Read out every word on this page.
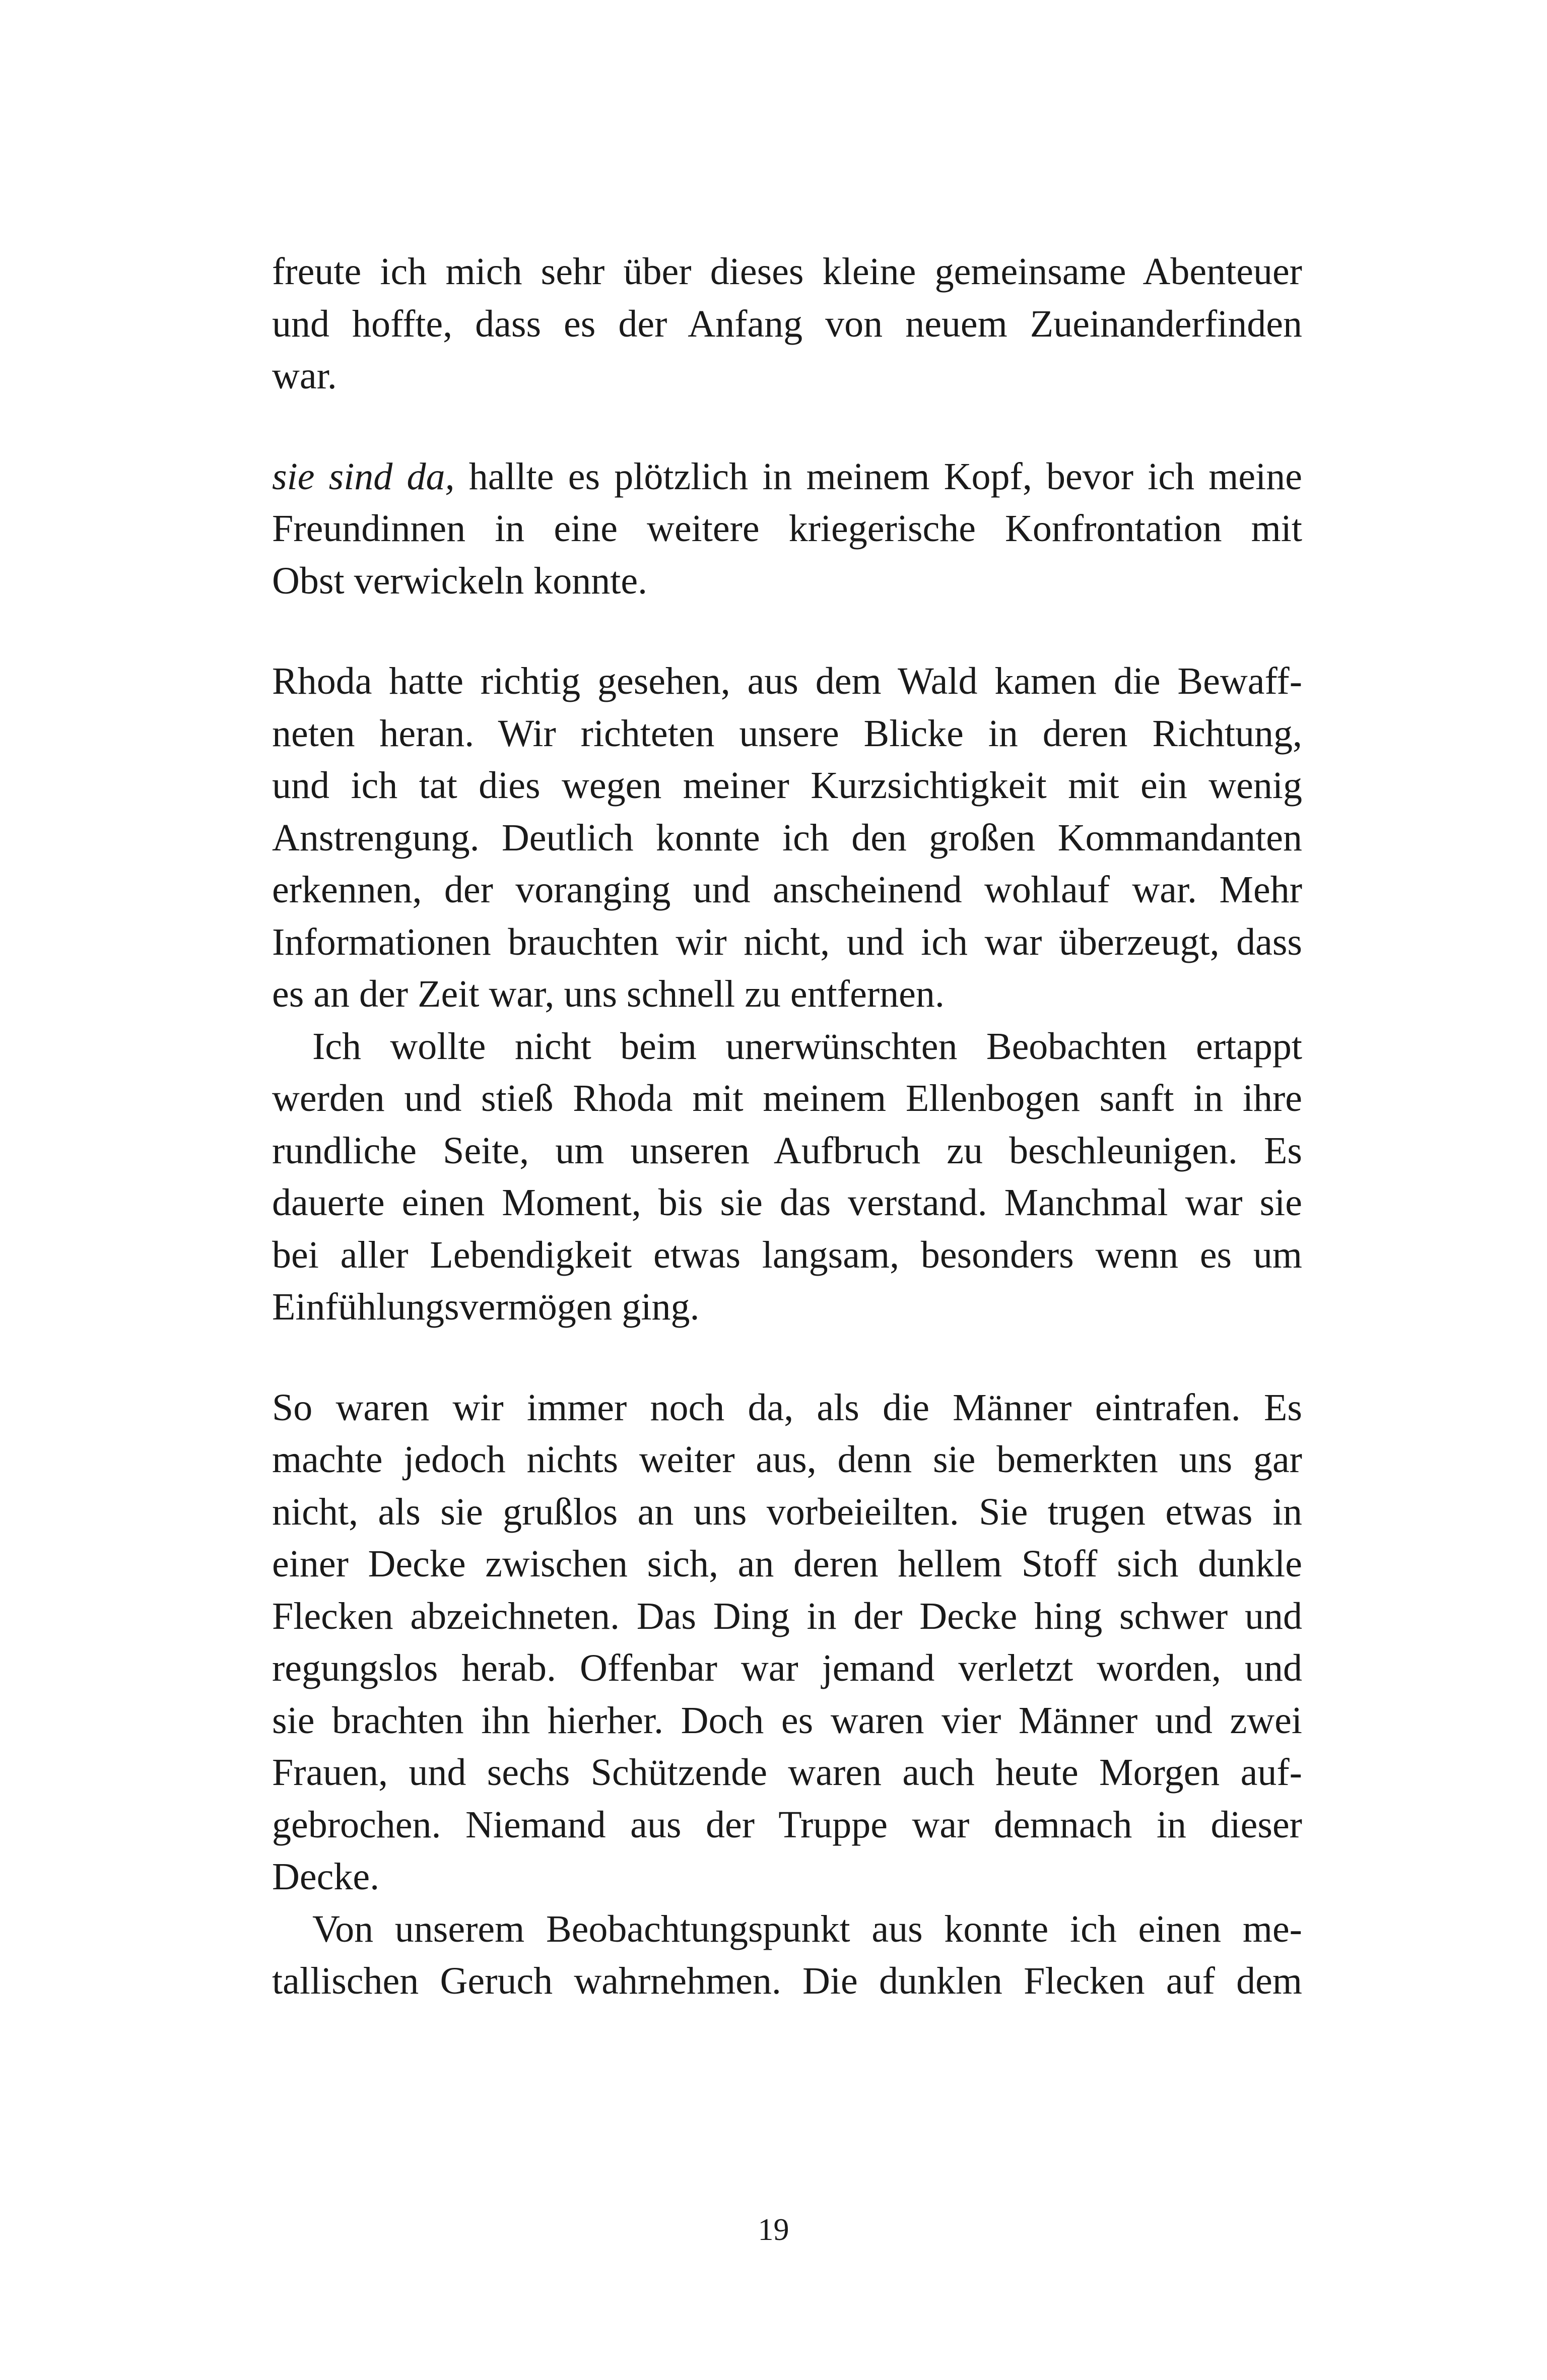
freute ich mich sehr über dieses kleine gemeinsame Abenteuer
und hoffte, dass es der Anfang von neuem Zueinanderfinden
war.
sie sind da, hallte es plötzlich in meinem Kopf, bevor ich meine
Freundinnen in eine weitere kriegerische Konfrontation mit
Obst verwickeln konnte.
Rhoda hatte richtig gesehen, aus dem Wald kamen die Bewaff-
neten heran. Wir richteten unsere Blicke in deren Richtung,
und ich tat dies wegen meiner Kurzsichtigkeit mit ein wenig
Anstrengung. Deutlich konnte ich den großen Kommandanten
erkennen, der voranging und anscheinend wohlauf war. Mehr
Informationen brauchten wir nicht, und ich war überzeugt, dass
es an der Zeit war, uns schnell zu entfernen.
Ich wollte nicht beim unerwünschten Beobachten ertappt
werden und stieß Rhoda mit meinem Ellenbogen sanft in ihre
rundliche Seite, um unseren Aufbruch zu beschleunigen. Es
dauerte einen Moment, bis sie das verstand. Manchmal war sie
bei aller Lebendigkeit etwas langsam, besonders wenn es um
Einfühlungsvermögen ging.
So waren wir immer noch da, als die Männer eintrafen. Es
machte jedoch nichts weiter aus, denn sie bemerkten uns gar
nicht, als sie grußlos an uns vorbeieilten. Sie trugen etwas in
einer Decke zwischen sich, an deren hellem Stoff sich dunkle
Flecken abzeichneten. Das Ding in der Decke hing schwer und
regungslos herab. Offenbar war jemand verletzt worden, und
sie brachten ihn hierher. Doch es waren vier Männer und zwei
Frauen, und sechs Schützende waren auch heute Morgen auf-
gebrochen. Niemand aus der Truppe war demnach in dieser
Decke.
Von unserem Beobachtungspunkt aus konnte ich einen me-
tallischen Geruch wahrnehmen. Die dunklen Flecken auf dem
19
